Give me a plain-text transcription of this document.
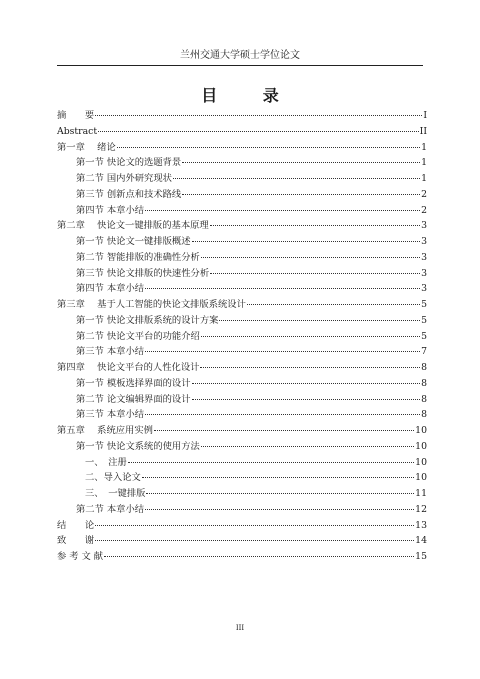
兰州交通大学硕士学位论文
目 录
摘　　要	I
Abstract	II
第一章　 绪论	1
第一节 快论文的选题背景	1
第二节 国内外研究现状	1
第三节 创新点和技术路线	2
第四节 本章小结	2
第二章　 快论文一键排版的基本原理	3
第一节 快论文一键排版概述	3
第二节 智能排版的准确性分析	3
第三节 快论文排版的快速性分析	3
第四节 本章小结	3
第三章　 基于人工智能的快论文排版系统设计	5
第一节 快论文排版系统的设计方案	5
第二节 快论文平台的功能介绍	5
第三节 本章小结	7
第四章　 快论文平台的人性化设计	8
第一节 模板选择界面的设计	8
第二节 论文编辑界面的设计	8
第三节 本章小结	8
第五章　 系统应用实例	10
第一节 快论文系统的使用方法	10
一、　注册	10
二、导入论文	10
三、　一键排版	11
第二节 本章小结	12
结　　论	13
致　　谢	14
参 考 文 献	15
III
